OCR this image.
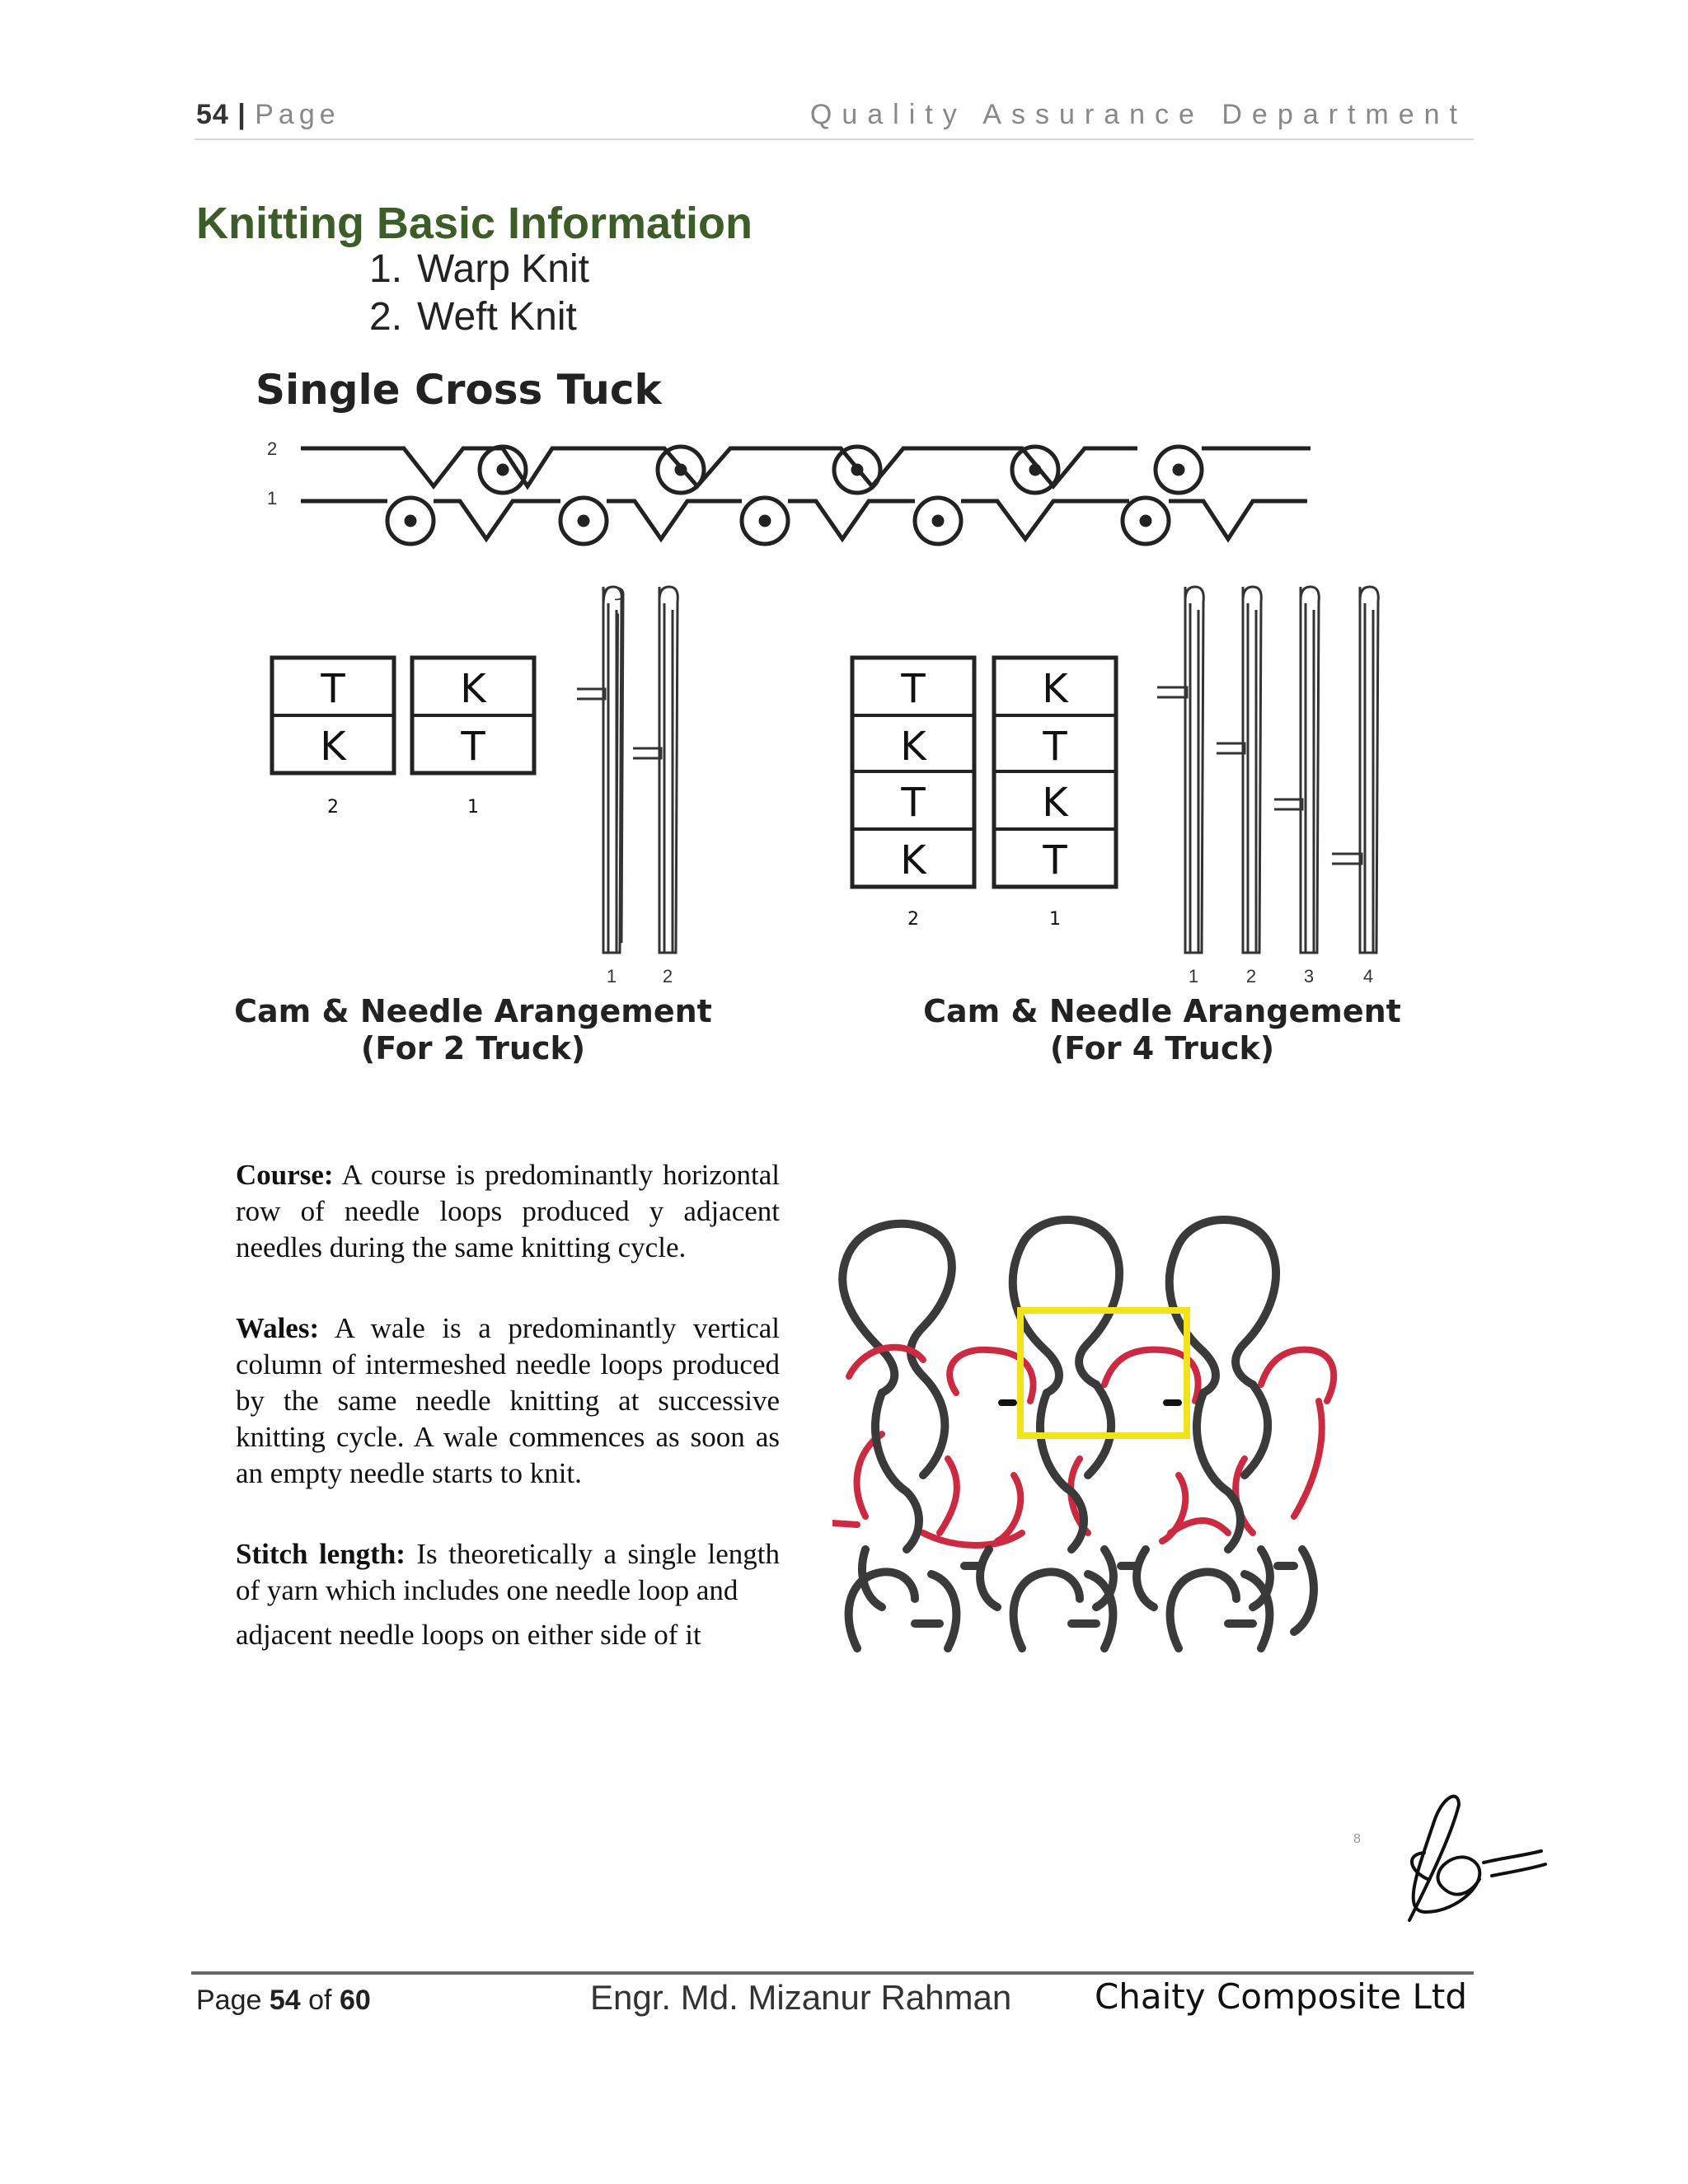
54 | Page	Quality Assurance Department
Knitting Basic Information
1. Warp Knit
2. Weft Knit
Single Cross Tuck
2
1
T
K
K
T
2	1
1	2
T
K
T
K
K
T
K
T
2	1
1	2	3	4
Cam & Needle Arangement
(For 2 Truck)
Cam & Needle Arangement
(For 4 Truck)

Course: A course is predominantly horizontal row of needle loops produced y adjacent needles during the same knitting cycle.

Wales: A wale is a predominantly vertical column of intermeshed needle loops produced by the same needle knitting at successive knitting cycle. A wale commences as soon as an empty needle starts to knit.

Stitch length: Is theoretically a single length of yarn which includes one needle loop and

adjacent needle loops on either side of it

8
Page 54 of 60	Engr. Md. Mizanur Rahman Chaity Composite Ltd
